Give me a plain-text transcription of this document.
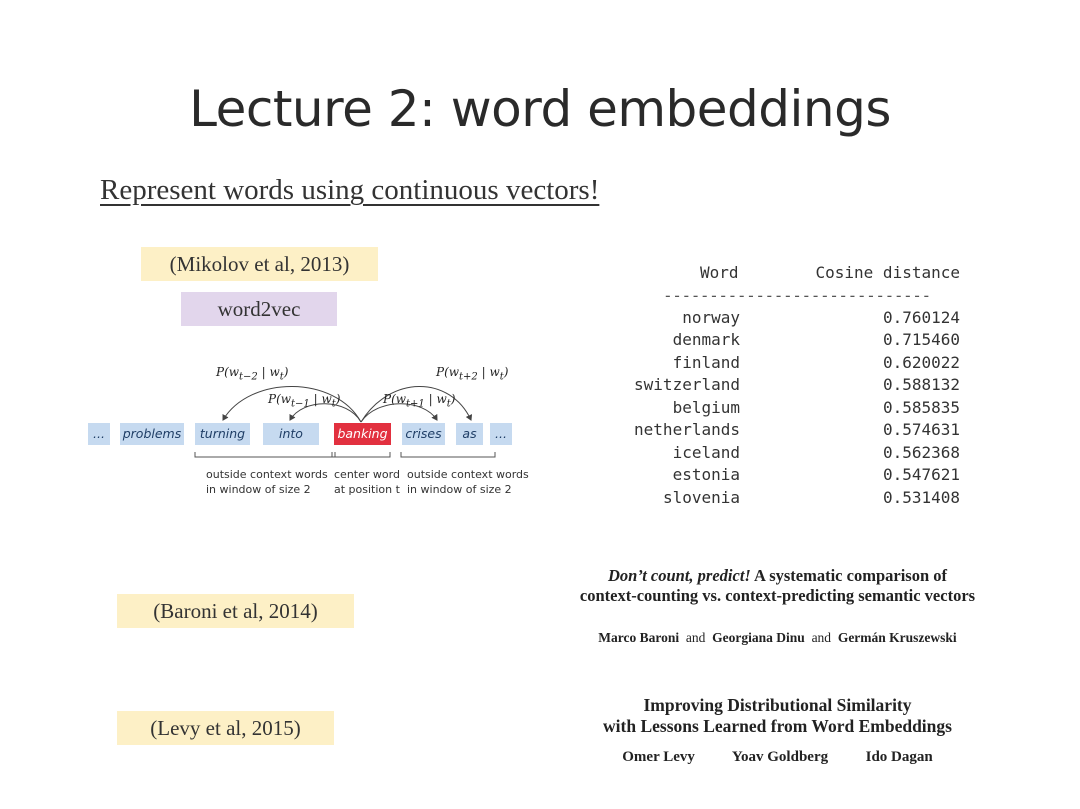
Lecture 2: word embeddings
Represent words using continuous vectors!
(Mikolov et al, 2013)
word2vec
...	problems	turning	into	banking crises	as	...
$P(w_{t-2}$ | $w_t$)
$P(w_{t-1}$ | $w_t$)	$P(w_{t+1}$ | $w_t$)
$P(w_{t+2}$ | $w_t$)
outside context words
in window of size 2
center word
at position t
outside context words
in window of size 2
Word	Cosine distance
-----------------------------
norway	0.760124
denmark	0.715460
finland	0.620022
switzerland	0.588132
belgium	0.585835
netherlands	0.574631
iceland	0.562368
estonia	0.547621
slovenia	0.531408
(Baroni et al, 2014)
(Levy et al, 2015)
Don’t count, predict! A systematic comparison of
context-counting vs. context-predicting semantic vectors
Marco Baroni and Georgiana Dinu and Germán Kruszewski
Improving Distributional Similarity
with Lessons Learned from Word Embeddings
Omer Levy Yoav Goldberg	Ido Dagan
